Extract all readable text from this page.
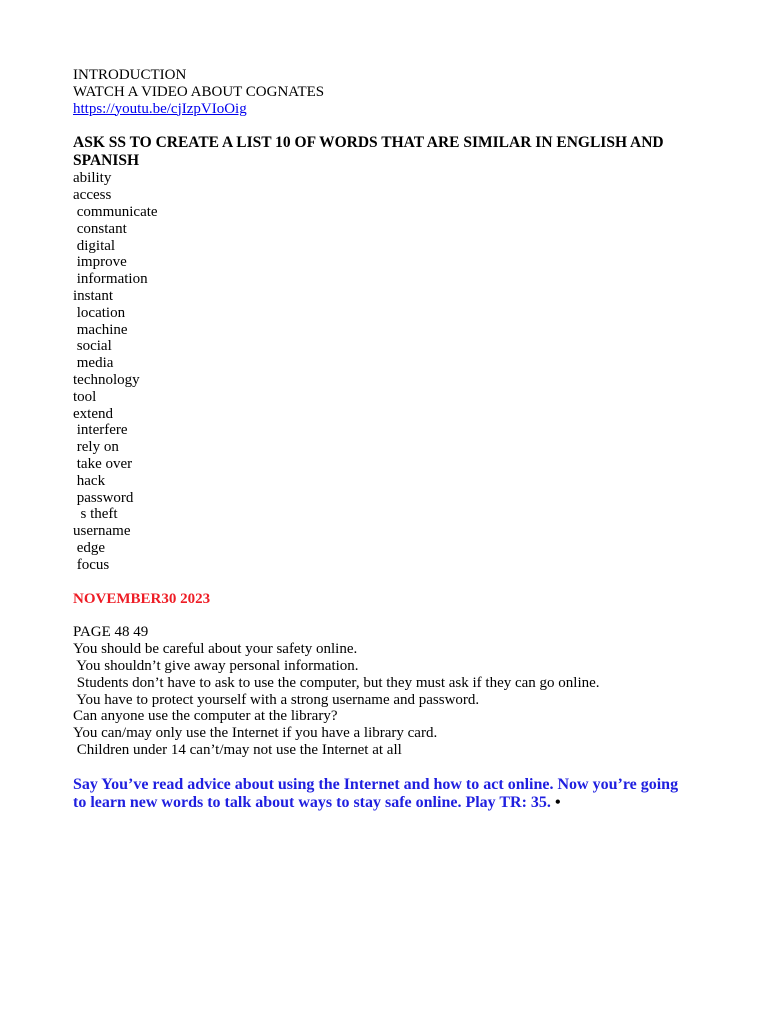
INTRODUCTION

WATCH A VIDEO ABOUT COGNATES

https://youtu.be/cjIzpVIoOig

ASK SS TO CREATE A LIST 10 OF WORDS THAT ARE SIMILAR IN ENGLISH AND SPANISH

ability

access

communicate

constant

digital

improve

information

instant

location

machine

social

media

technology

tool

extend

interfere

rely on

take over

hack

password

s theft

username

edge

focus

NOVEMBER30 2023

PAGE 48 49

You should be careful about your safety online.

You shouldn’t give away personal information.

Students don’t have to ask to use the computer, but they must ask if they can go online.

You have to protect yourself with a strong username and password.

Can anyone use the computer at the library?

You can/may only use the Internet if you have a library card.

Children under 14 can’t/may not use the Internet at all

Say You’ve read advice about using the Internet and how to act online. Now you’re going to learn new words to talk about ways to stay safe online. Play TR: 35. •
